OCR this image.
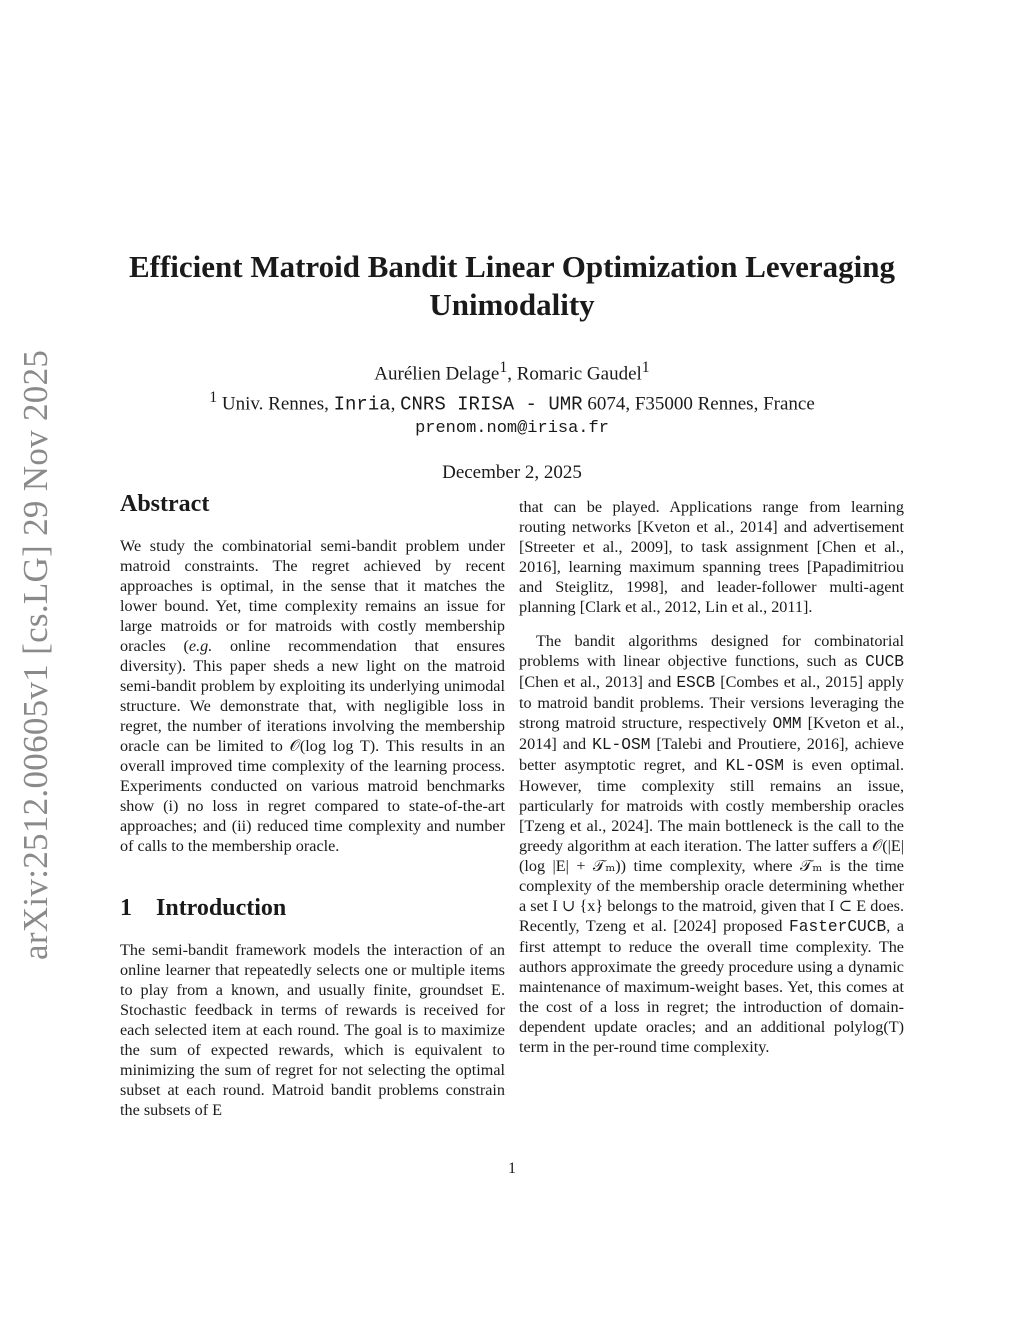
arXiv:2512.00605v1 [cs.LG] 29 Nov 2025
Efficient Matroid Bandit Linear Optimization Leveraging
Unimodality
Aurélien Delage$^1$, Romaric Gaudel$^1$
$^1$ Univ. Rennes, Inria, CNRS IRISA - UMR 6074, F35000 Rennes, France
prenom.nom@irisa.fr
December 2, 2025
Abstract

We study the combinatorial semi-bandit problem under matroid constraints. The regret achieved by recent approaches is optimal, in the sense that it matches the lower bound. Yet, time complexity remains an issue for large matroids or for matroids with costly membership oracles (e.g. online recommendation that ensures diversity). This paper sheds a new light on the matroid semi-bandit problem by exploiting its underlying unimodal structure. We demonstrate that, with negligible loss in regret, the number of iterations involving the membership oracle can be limited to 𝒪(log log T). This results in an overall improved time complexity of the learning process. Experiments conducted on various matroid benchmarks show (i) no loss in regret compared to state-of-the-art approaches; and (ii) reduced time complexity and number of calls to the membership oracle.

1 Introduction

The semi-bandit framework models the interaction of an online learner that repeatedly selects one or multiple items to play from a known, and usually finite, groundset E. Stochastic feedback in terms of rewards is received for each selected item at each round. The goal is to maximize the sum of expected rewards, which is equivalent to minimizing the sum of regret for not selecting the optimal subset at each round. Matroid bandit problems constrain the subsets of E

that can be played. Applications range from learning routing networks [Kveton et al., 2014] and advertisement [Streeter et al., 2009], to task assignment [Chen et al., 2016], learning maximum spanning trees [Papadimitriou and Steiglitz, 1998], and leader-follower multi-agent planning [Clark et al., 2012, Lin et al., 2011].

The bandit algorithms designed for combinatorial problems with linear objective functions, such as CUCB [Chen et al., 2013] and ESCB [Combes et al., 2015] apply to matroid bandit problems. Their versions leveraging the strong matroid structure, respectively OMM [Kveton et al., 2014] and KL-OSM [Talebi and Proutiere, 2016], achieve better asymptotic regret, and KL-OSM is even optimal. However, time complexity still remains an issue, particularly for matroids with costly membership oracles [Tzeng et al., 2024]. The main bottleneck is the call to the greedy algorithm at each iteration. The latter suffers a 𝒪(|E|(log |E| + 𝒯ₘ)) time complexity, where 𝒯ₘ is the time complexity of the membership oracle determining whether a set I ∪ {x} belongs to the matroid, given that I ⊂ E does. Recently, Tzeng et al. [2024] proposed FasterCUCB, a first attempt to reduce the overall time complexity. The authors approximate the greedy procedure using a dynamic maintenance of maximum-weight bases. Yet, this comes at the cost of a loss in regret; the introduction of domain-dependent update oracles; and an additional polylog(T) term in the per-round time complexity.

1
